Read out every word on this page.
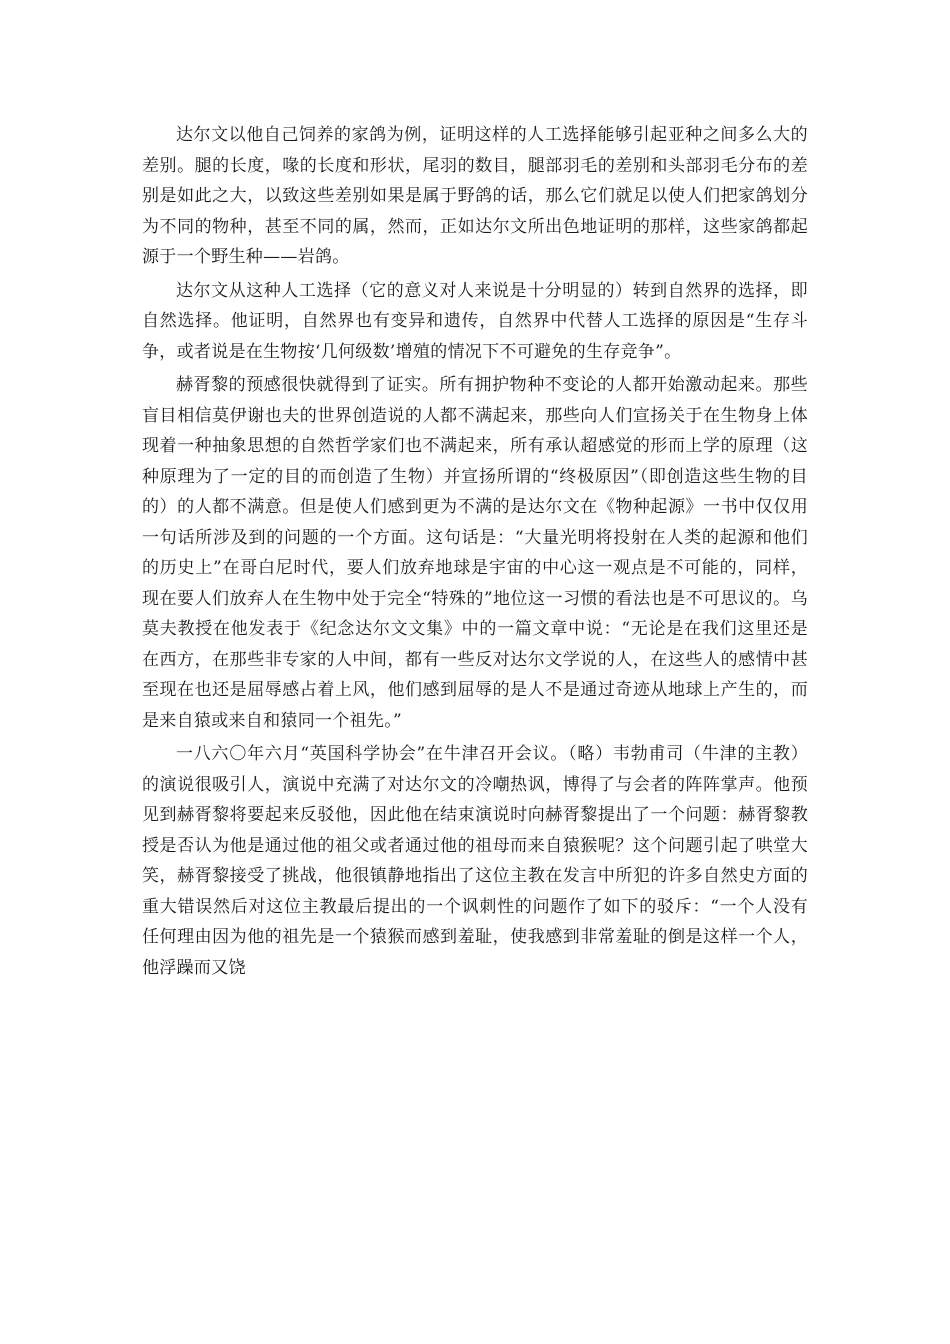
达尔文以他自己饲养的家鸽为例，证明这样的人工选择能够引起亚种之间多么大的差别。腿的长度，喙的长度和形状，尾羽的数目，腿部羽毛的差别和头部羽毛分布的差别是如此之大，以致这些差别如果是属于野鸽的话，那么它们就足以使人们把家鸽划分为不同的物种，甚至不同的属，然而，正如达尔文所出色地证明的那样，这些家鸽都起源于一个野生种——岩鸽。

达尔文从这种人工选择（它的意义对人来说是十分明显的）转到自然界的选择，即自然选择。他证明，自然界也有变异和遗传，自然界中代替人工选择的原因是“生存斗争，或者说是在生物按‘几何级数’增殖的情况下不可避免的生存竞争”。

赫胥黎的预感很快就得到了证实。所有拥护物种不变论的人都开始激动起来。那些盲目相信莫伊谢也夫的世界创造说的人都不满起来，那些向人们宣扬关于在生物身上体现着一种抽象思想的自然哲学家们也不满起来，所有承认超感觉的形而上学的原理（这种原理为了一定的目的而创造了生物）并宣扬所谓的“终极原因”（即创造这些生物的目的）的人都不满意。但是使人们感到更为不满的是达尔文在《物种起源》一书中仅仅用一句话所涉及到的问题的一个方面。这句话是：“大量光明将投射在人类的起源和他们的历史上”在哥白尼时代，要人们放弃地球是宇宙的中心这一观点是不可能的，同样，现在要人们放弃人在生物中处于完全“特殊的”地位这一习惯的看法也是不可思议的。乌莫夫教授在他发表于《纪念达尔文文集》中的一篇文章中说：“无论是在我们这里还是在西方，在那些非专家的人中间，都有一些反对达尔文学说的人，在这些人的感情中甚至现在也还是屈辱感占着上风，他们感到屈辱的是人不是通过奇迹从地球上产生的，而是来自猿或来自和猿同一个祖先。”

一八六〇年六月“英国科学协会”在牛津召开会议。（略）韦勃甫司（牛津的主教）的演说很吸引人，演说中充满了对达尔文的冷嘲热讽，博得了与会者的阵阵掌声。他预见到赫胥黎将要起来反驳他，因此他在结束演说时向赫胥黎提出了一个问题：赫胥黎教授是否认为他是通过他的祖父或者通过他的祖母而来自猿猴呢？这个问题引起了哄堂大笑，赫胥黎接受了挑战，他很镇静地指出了这位主教在发言中所犯的许多自然史方面的重大错误然后对这位主教最后提出的一个讽刺性的问题作了如下的驳斥：“一个人没有任何理由因为他的祖先是一个猿猴而感到羞耻，使我感到非常羞耻的倒是这样一个人，他浮躁而又饶
